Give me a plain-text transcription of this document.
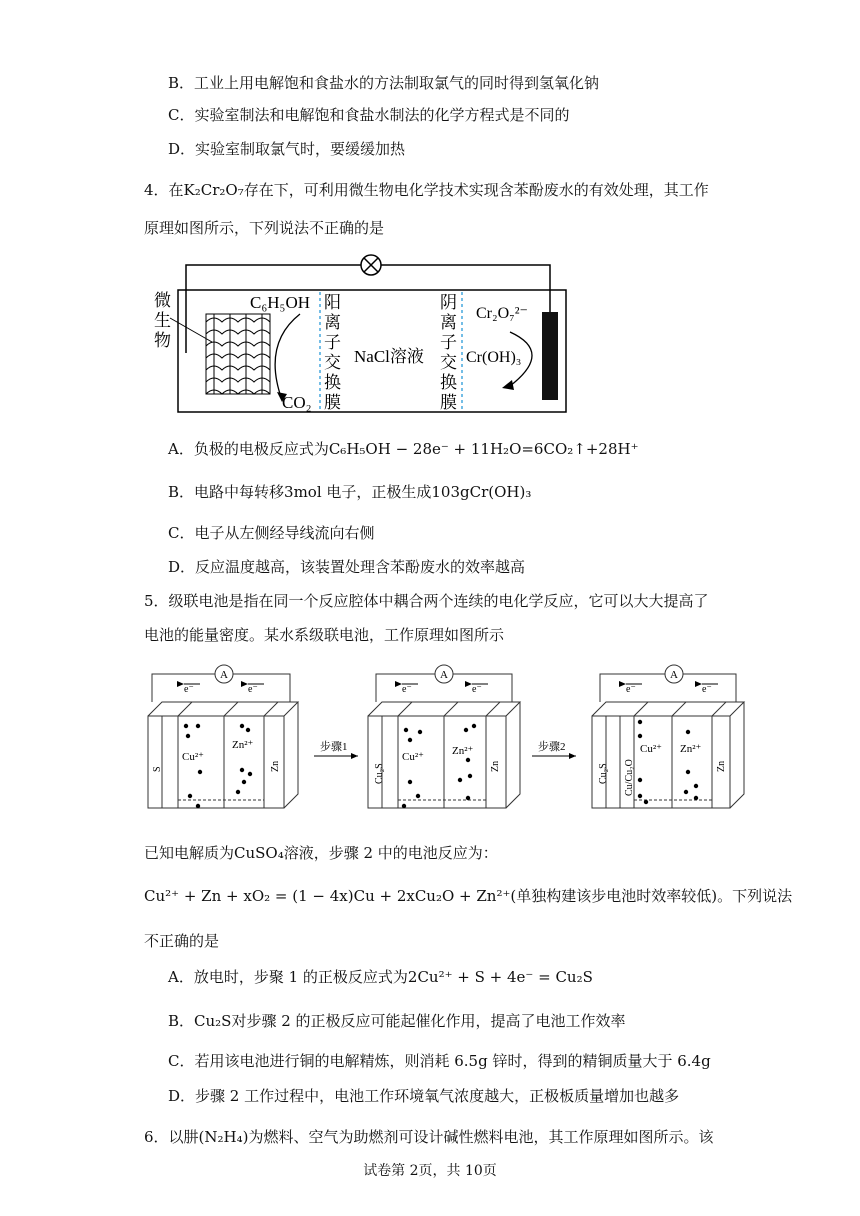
B．工业上用电解饱和食盐水的方法制取氯气的同时得到氢氧化钠
C．实验室制法和电解饱和食盐水制法的化学方程式是不同的
D．实验室制取氯气时，要缓缓加热
4．在K₂Cr₂O₇存在下，可利用微生物电化学技术实现含苯酚废水的有效处理，其工作
原理如图所示，下列说法不正确的是
微
生
物
C₆H₅OH
CO₂
阳
离
子
交
换
膜
NaCl溶液
阴
离
子
交
换
膜
Cr₂O₇²⁻
Cr(OH)₃
A．负极的电极反应式为C₆H₅OH − 28e⁻ + 11H₂O=6CO₂↑+28H⁺
B．电路中每转移3mol 电子，正极生成103gCr(OH)₃
C．电子从左侧经导线流向右侧
D．反应温度越高，该装置处理含苯酚废水的效率越高
5．级联电池是指在同一个反应腔体中耦合两个连续的电化学反应，它可以大大提高了
电池的能量密度。某水系级联电池，工作原理如图所示
A
e⁻	e⁻
S
Cu²⁺
Zn²⁺
Zn
步骤1
A
e⁻	e⁻
Cu₂S
Cu²⁺	Zn²⁺
Zn
步骤2
A
e⁻	e⁻
Cu₂S Cu/Cu₂O
Cu²⁺ Zn²⁺
Zn
已知电解质为CuSO₄溶液，步骤 2 中的电池反应为：
Cu²⁺ + Zn + xO₂ = (1 − 4x)Cu + 2xCu₂O + Zn²⁺(单独构建该步电池时效率较低)。下列说法
不正确的是
A．放电时，步聚 1 的正极反应式为2Cu²⁺ + S + 4e⁻ = Cu₂S
B．Cu₂S对步骤 2 的正极反应可能起催化作用，提高了电池工作效率
C．若用该电池进行铜的电解精炼，则消耗 6.5g 锌时，得到的精铜质量大于 6.4g
D．步骤 2 工作过程中，电池工作环境氧气浓度越大，正极板质量增加也越多
6．以肼(N₂H₄)为燃料、空气为助燃剂可设计碱性燃料电池，其工作原理如图所示。该
试卷第 2页，共 10页
